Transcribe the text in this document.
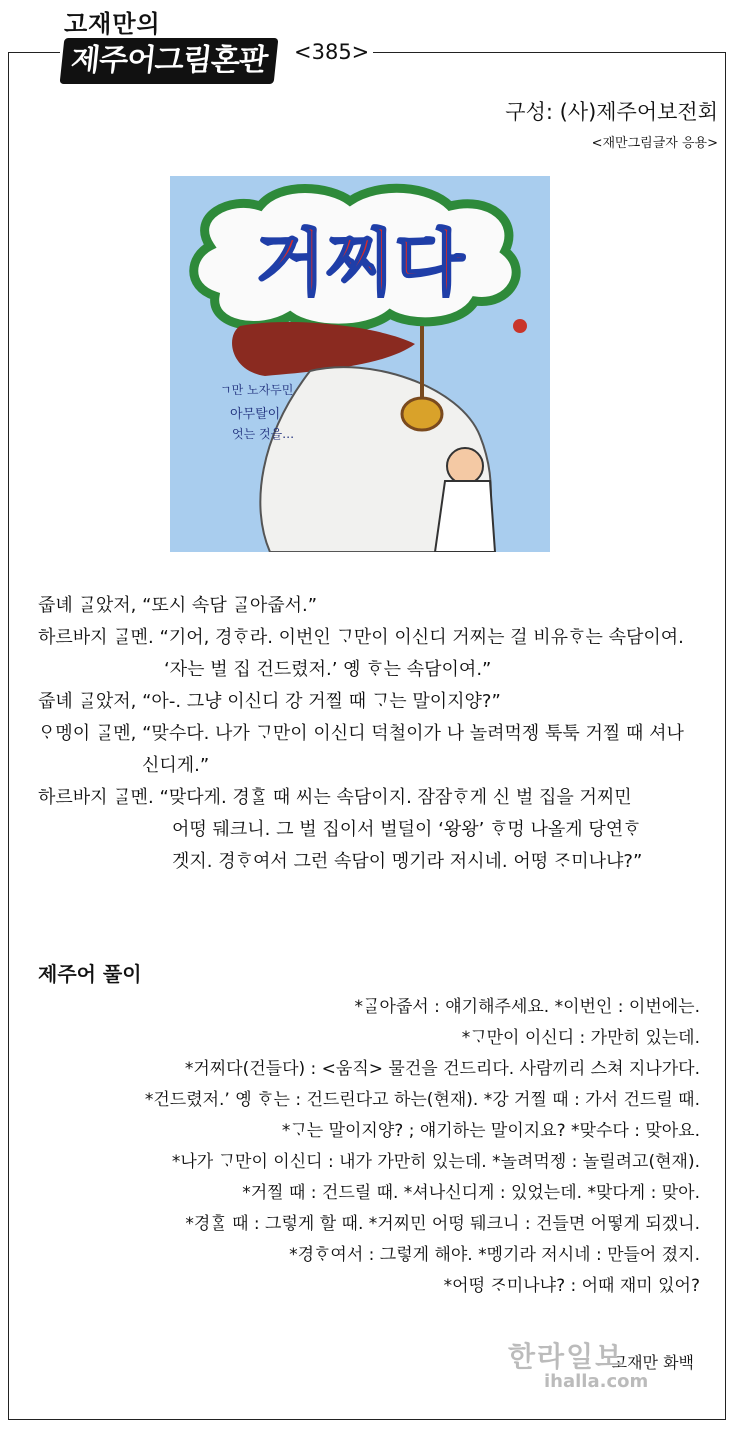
고재만의
제주어그림혼판	<385>
구성: (사)제주어보전회
<재만그림글자 응용>
거찌다
ㄱ만 노자두민
아무탈이
엇는 것을…
줍녜 ᄀᆞᆯ았저, “또시 속담 ᄀᆞᆯ아줍서.”
하르바지 ᄀᆞᆯ멘. “기어, 경ᄒᆞ라. 이번인 ᄀᆞ만이 이신디 거찌는 걸 비유ᄒᆞ는 속담이여.
‘자는 벌 집 건드렸저.’ 옝 ᄒᆞ는 속담이여.”
줍녜 ᄀᆞᆯ았저, “아-. 그냥 이신디 강 거찔 때 ᄀᆞ는 말이지양?”
ᄋᆞ멩이 ᄀᆞᆯ멘, “맞수다. 나가 ᄀᆞ만이 이신디 덕철이가 나 놀려먹젱 툭툭 거찔 때 셔나
신디게.”
하르바지 ᄀᆞᆯ멘. “맞다게. 경ᄒᆞᆯ 때 씨는 속담이지. 잠잠ᄒᆞ게 신 벌 집을 거찌민
어떵 뒈크니. 그 벌 집이서 벌덜이 ‘왕왕’ ᄒᆞ멍 나올게 당연ᄒᆞ
겟지. 경ᄒᆞ여서 그런 속담이 멩기라 저시네. 어떵 ᄌᆞ미나냐?”
제주어 풀이
*ᄀᆞᆯ아줍서 : 얘기해주세요. *이번인 : 이번에는.
*ᄀᆞ만이 이신디 : 가만히 있는데.
*거찌다(건들다) : <움직> 물건을 건드리다. 사람끼리 스쳐 지나가다.
*건드렸저.’ 옝 ᄒᆞ는 : 건드린다고 하는(현재). *강 거찔 때 : 가서 건드릴 때.
*ᄀᆞ는 말이지양? ; 얘기하는 말이지요? *맞수다 : 맞아요.
*나가 ᄀᆞ만이 이신디 : 내가 가만히 있는데. *놀려먹젱 : 놀릴려고(현재).
*거찔 때 : 건드릴 때. *셔나신디게 : 있었는데. *맞다게 : 맞아.
*경ᄒᆞᆯ 때 : 그렇게 할 때. *거찌민 어떵 뒈크니 : 건들면 어떻게 되겠니.
*경ᄒᆞ여서 : 그렇게 해야. *멩기라 저시네 : 만들어 졌지.
*어떵 ᄌᆞ미나냐? : 어때 재미 있어?
고재만 화백
한라일보
ihalla.com
